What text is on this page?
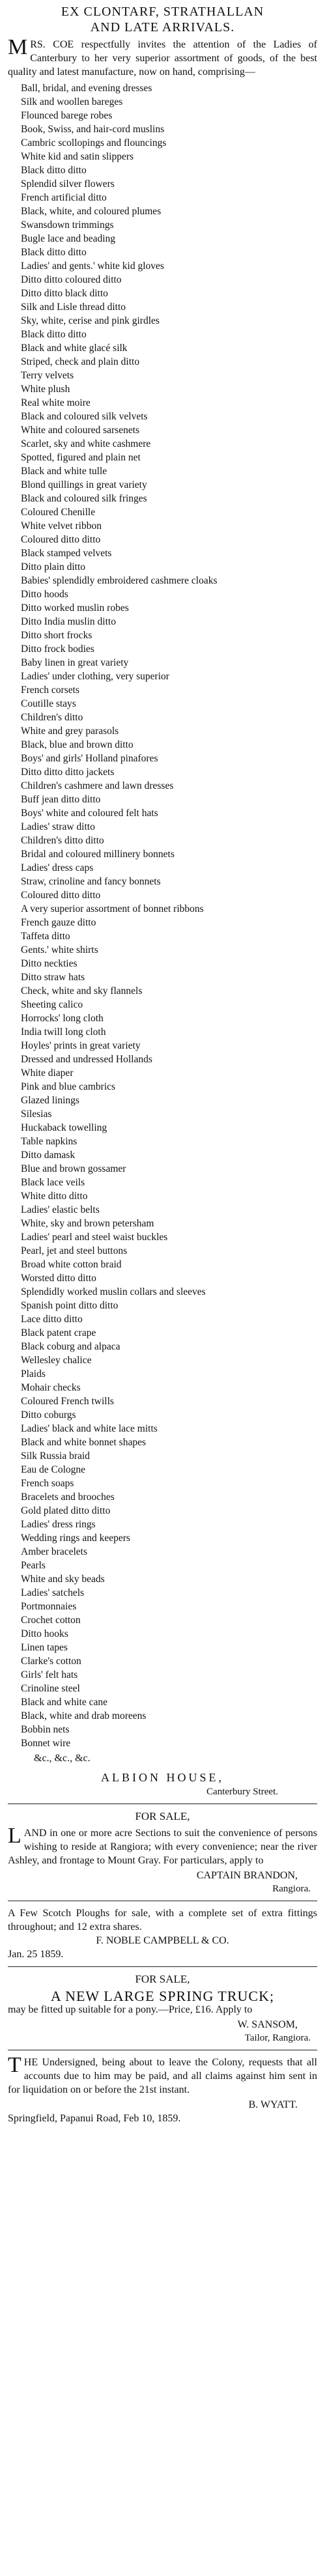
EX CLONTARF, STRATHALLAN

AND LATE ARRIVALS.

MRS. COE respectfully invites the attention of the Ladies of Canterbury to her very superior assortment of goods, of the best quality and latest manufacture, now on hand, comprising—

Ball, bridal, and evening dresses
Silk and woollen bareges
Flounced barege robes
Book, Swiss, and hair-cord muslins
Cambric scollopings and flouncings
White kid and satin slippers
Black ditto ditto
Splendid silver flowers
French artificial ditto
Black, white, and coloured plumes
Swansdown trimmings
Bugle lace and beading
Black ditto ditto
Ladies' and gents.' white kid gloves
Ditto ditto coloured ditto
Ditto ditto black ditto
Silk and Lisle thread ditto
Sky, white, cerise and pink girdles
Black ditto ditto
Black and white glacé silk
Striped, check and plain ditto
Terry velvets
White plush
Real white moire
Black and coloured silk velvets
White and coloured sarsenets
Scarlet, sky and white cashmere
Spotted, figured and plain net
Black and white tulle
Blond quillings in great variety
Black and coloured silk fringes
Coloured Chenille
White velvet ribbon
Coloured ditto ditto
Black stamped velvets
Ditto plain ditto
Babies' splendidly embroidered cashmere cloaks
Ditto hoods
Ditto worked muslin robes
Ditto India muslin ditto
Ditto short frocks
Ditto frock bodies
Baby linen in great variety
Ladies' under clothing, very superior
French corsets
Coutille stays
Children's ditto
White and grey parasols
Black, blue and brown ditto
Boys' and girls' Holland pinafores
Ditto ditto ditto jackets
Children's cashmere and lawn dresses
Buff jean ditto ditto
Boys' white and coloured felt hats
Ladies' straw ditto
Children's ditto ditto
Bridal and coloured millinery bonnets
Ladies' dress caps
Straw, crinoline and fancy bonnets
Coloured ditto ditto
A very superior assortment of bonnet ribbons
French gauze ditto
Taffeta ditto
Gents.' white shirts
Ditto neckties
Ditto straw hats
Check, white and sky flannels
Sheeting calico
Horrocks' long cloth
India twill long cloth
Hoyles' prints in great variety
Dressed and undressed Hollands
White diaper
Pink and blue cambrics
Glazed linings
Silesias
Huckaback towelling
Table napkins
Ditto damask
Blue and brown gossamer
Black lace veils
White ditto ditto
Ladies' elastic belts
White, sky and brown petersham
Ladies' pearl and steel waist buckles
Pearl, jet and steel buttons
Broad white cotton braid
Worsted ditto ditto
Splendidly worked muslin collars and sleeves
Spanish point ditto ditto
Lace ditto ditto
Black patent crape
Black coburg and alpaca
Wellesley chalice
Plaids
Mohair checks
Coloured French twills
Ditto coburgs
Ladies' black and white lace mitts
Black and white bonnet shapes
Silk Russia braid
Eau de Cologne
French soaps
Bracelets and brooches
Gold plated ditto ditto
Ladies' dress rings
Wedding rings and keepers
Amber bracelets
Pearls
White and sky beads
Ladies' satchels
Portmonnaies
Crochet cotton
Ditto hooks
Linen tapes
Clarke's cotton
Girls' felt hats
Crinoline steel
Black and white cane
Black, white and drab moreens
Bobbin nets
Bonnet wire

&c., &c., &c.

ALBION HOUSE,

Canterbury Street.

FOR SALE,

LAND in one or more acre Sections to suit the convenience of persons wishing to reside at Rangiora; with every convenience; near the river Ashley, and frontage to Mount Gray. For particulars, apply to

CAPTAIN BRANDON,

Rangiora.

A Few Scotch Ploughs for sale, with a complete set of extra fittings throughout; and 12 extra shares.

F. NOBLE CAMPBELL & CO.

Jan. 25 1859.

FOR SALE,

A NEW LARGE SPRING TRUCK;

may be fitted up suitable for a pony.—Price, £16. Apply to

W. SANSOM,

Tailor, Rangiora.

THE Undersigned, being about to leave the Colony, requests that all accounts due to him may be paid, and all claims against him sent in for liquidation on or before the 21st instant.

B. WYATT.

Springfield, Papanui Road, Feb 10, 1859.
